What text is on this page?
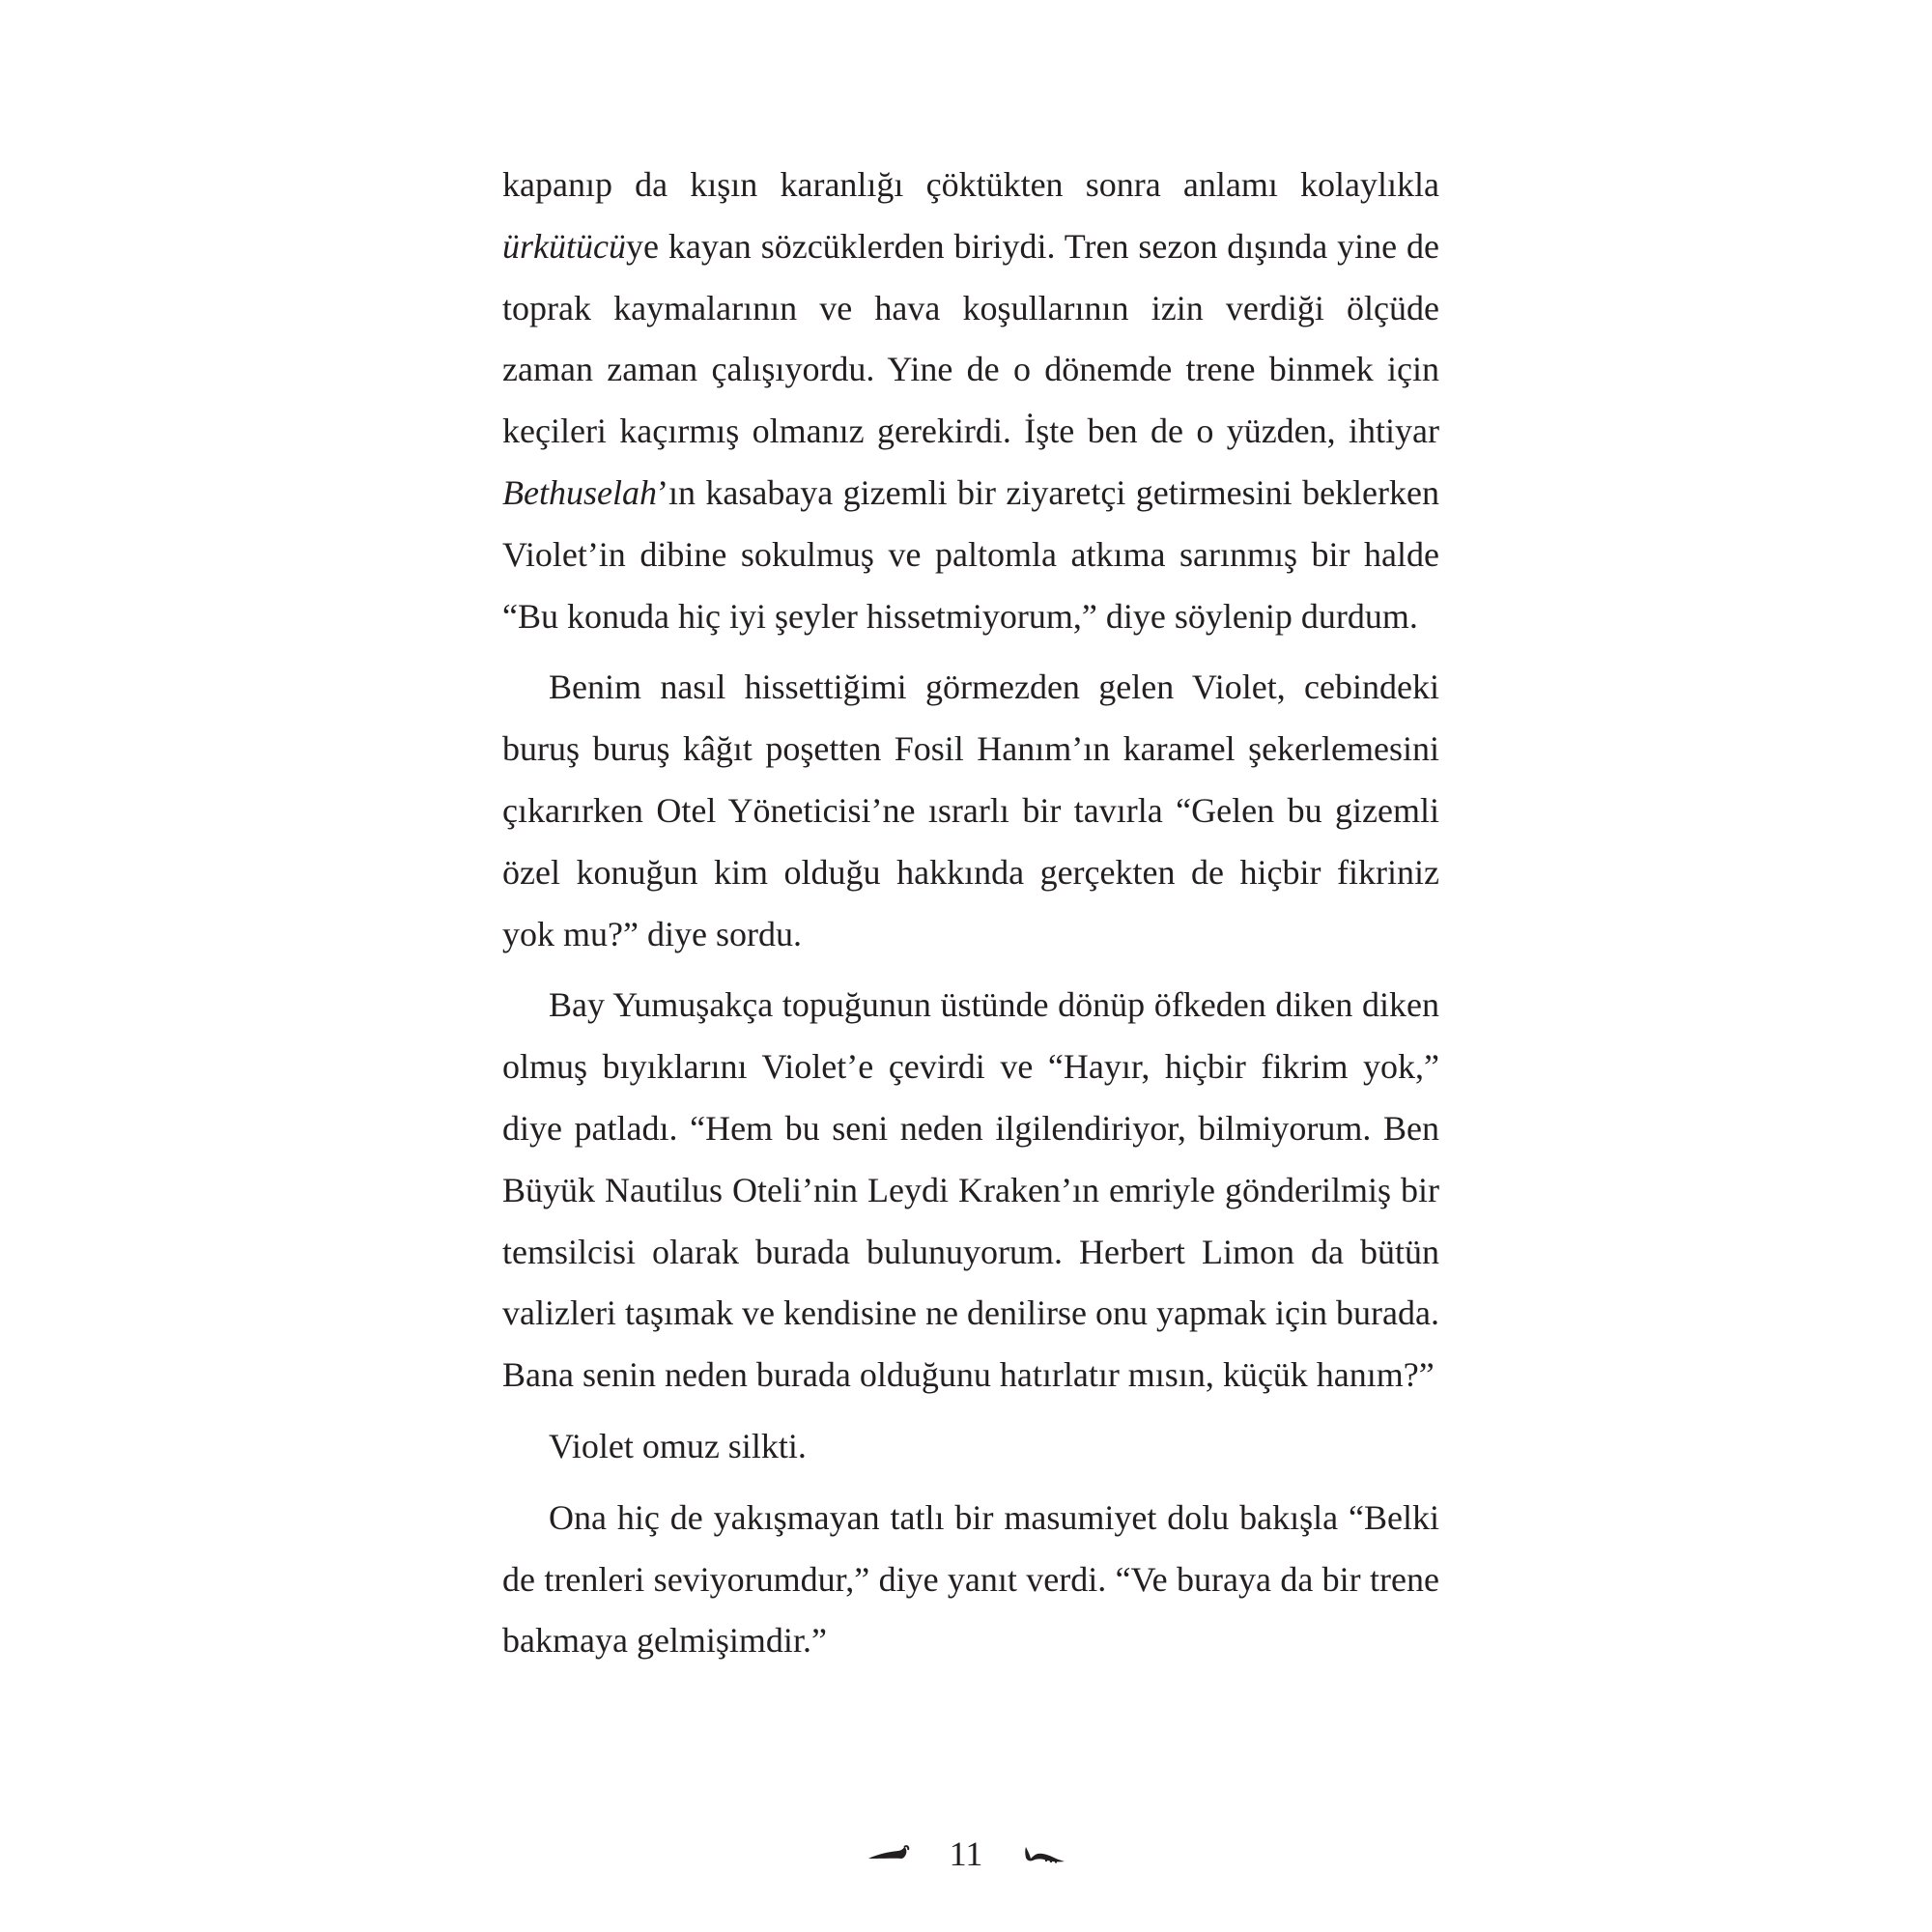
kapanıp da kışın karanlığı çöktükten sonra anlamı kolaylıkla ürkütücüye kayan sözcüklerden biriydi. Tren sezon dışında yine de toprak kaymalarının ve hava koşullarının izin verdiği ölçüde zaman zaman çalışıyordu. Yine de o dönemde trene binmek için keçileri kaçırmış olmanız gerekirdi. İşte ben de o yüzden, ihtiyar Bethuselah’ın kasabaya gizemli bir ziyaretçi getirmesini beklerken Violet’in dibine sokulmuş ve paltomla atkıma sarınmış bir halde “Bu konuda hiç iyi şeyler hissetmiyorum,” diye söylenip durdum.

Benim nasıl hissettiğimi görmezden gelen Violet, cebindeki buruş buruş kâğıt poşetten Fosil Hanım’ın karamel şekerlemesini çıkarırken Otel Yöneticisi’ne ısrarlı bir tavırla “Gelen bu gizemli özel konuğun kim olduğu hakkında gerçekten de hiçbir fikriniz yok mu?” diye sordu.

Bay Yumuşakça topuğunun üstünde dönüp öfkeden diken diken olmuş bıyıklarını Violet’e çevirdi ve “Hayır, hiçbir fikrim yok,” diye patladı. “Hem bu seni neden ilgilendiriyor, bilmiyorum. Ben Büyük Nautilus Oteli’nin Leydi Kraken’ın emriyle gönderilmiş bir temsilcisi olarak burada bulunuyorum. Herbert Limon da bütün valizleri taşımak ve kendisine ne denilirse onu yapmak için burada. Bana senin neden burada olduğunu hatırlatır mısın, küçük hanım?”

Violet omuz silkti.

Ona hiç de yakışmayan tatlı bir masumiyet dolu bakışla “Belki de trenleri seviyorumdur,” diye yanıt verdi. “Ve buraya da bir trene bakmaya gelmişimdir.”

11
